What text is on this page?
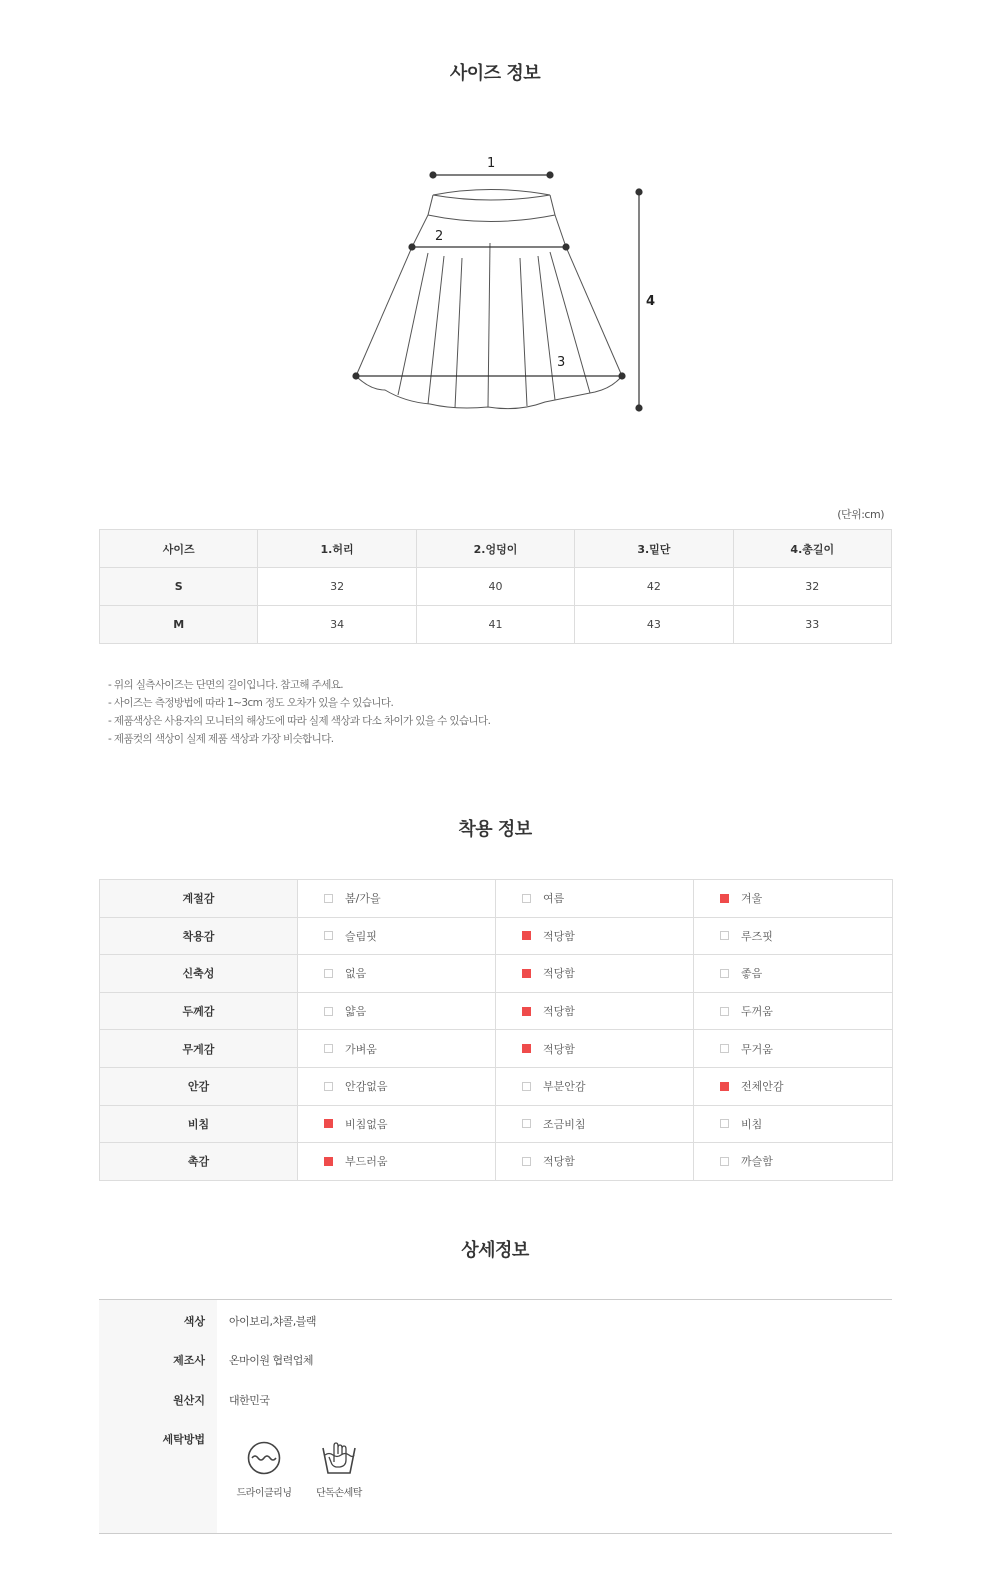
사이즈 정보
1
2
3
4
(단위:cm)
사이즈	1.허리	2.엉덩이	3.밑단	4.총길이
S	32	40	42	32
M	34	41	43	33
- 위의 실측사이즈는 단면의 길이입니다. 참고해 주세요.
- 사이즈는 측정방법에 따라 1~3cm 정도 오차가 있을 수 있습니다.
- 제품색상은 사용자의 모니터의 해상도에 따라 실제 색상과 다소 차이가 있을 수 있습니다.
- 제품컷의 색상이 실제 제품 색상과 가장 비슷합니다.
착용 정보
계절감	봄/가을	여름	겨울
착용감	슬림핏	적당함	루즈핏
신축성	없음	적당함	좋음
두께감	얇음	적당함	두꺼움
무게감	가벼움	적당함	무거움
안감	안감없음	부분안감	전체안감
비침	비침없음	조금비침	비침
촉감	부드러움	적당함	까슬함
상세정보
색상 아이보리,챠콜,블랙
제조사 온마이원 협력업체
원산지 대한민국
세탁방법
드라이클리닝	단독손세탁
